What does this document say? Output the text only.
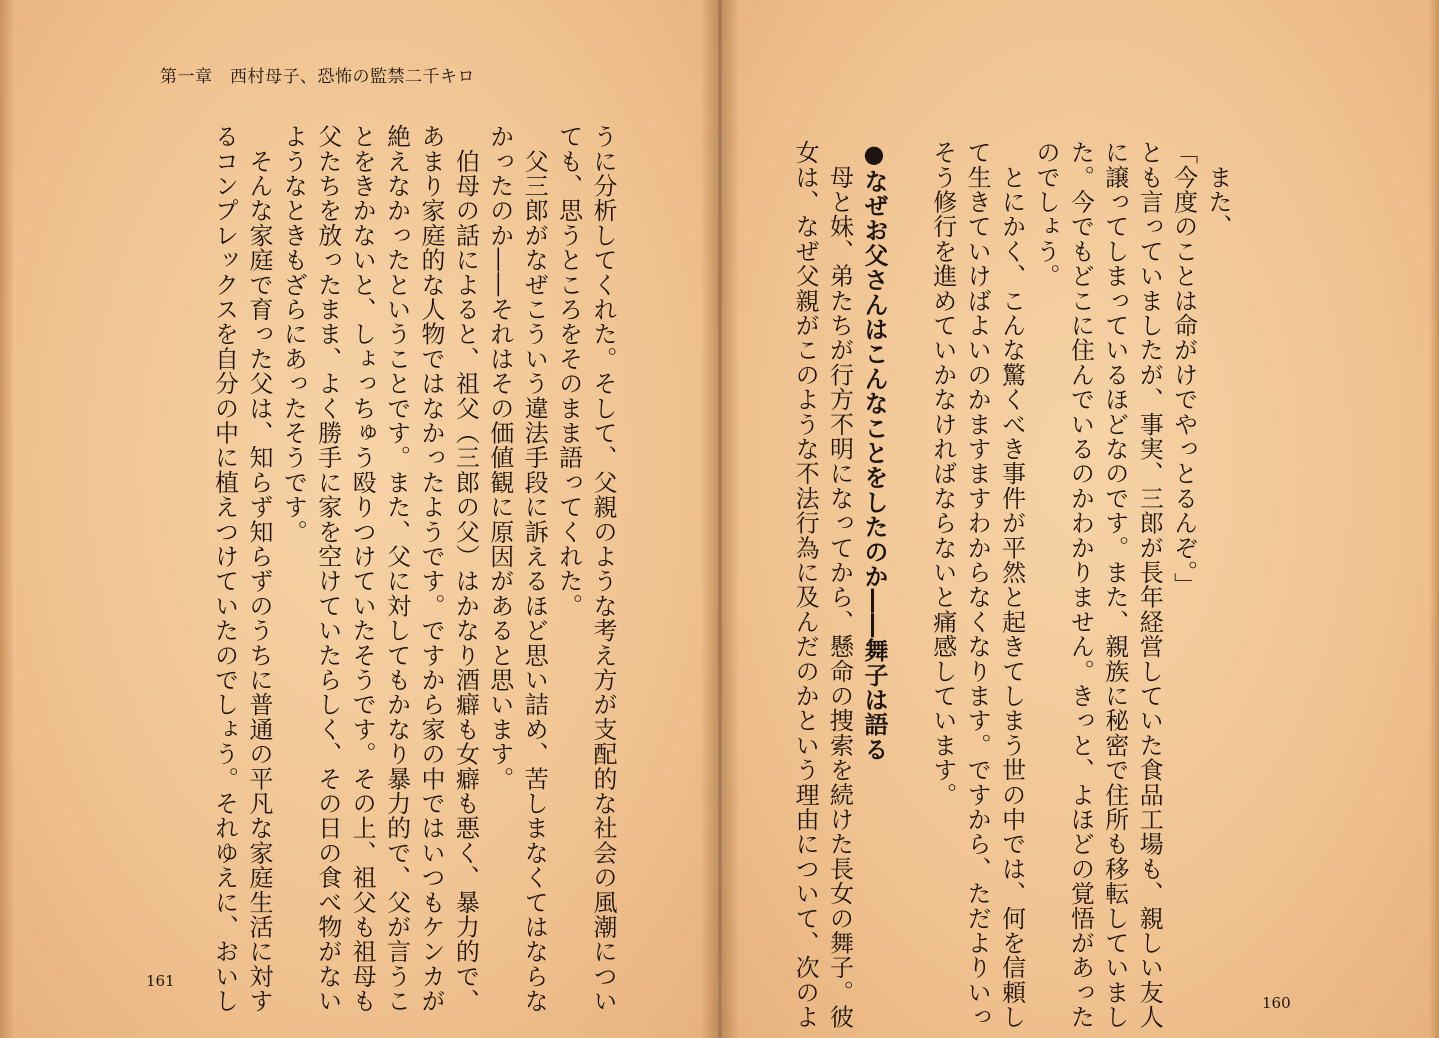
第一章　西村母子、恐怖の監禁二千キロ

うに分析してくれた。そして、父親のような考え方が支配的な社会の風潮につい

ても、思うところをそのまま語ってくれた。

　父三郎がなぜこういう違法手段に訴えるほど思い詰め、苦しまなくてはならな

かったのか――それはその価値観に原因があると思います。

　伯母の話によると、祖父（三郎の父）はかなり酒癖も女癖も悪く、暴力的で、

あまり家庭的な人物ではなかったようです。ですから家の中ではいつもケンカが

絶えなかったということです。また、父に対してもかなり暴力的で、父が言うこ

とをきかないと、しょっちゅう殴りつけていたそうです。その上、祖父も祖母も

父たちを放ったまま、よく勝手に家を空けていたらしく、その日の食べ物がない

ようなときもざらにあったそうです。

　そんな家庭で育った父は、知らず知らずのうちに普通の平凡な家庭生活に対す

るコンプレックスを自分の中に植えつけていたのでしょう。それゆえに、おいし	　また、

「今度のことは命がけでやっとるんぞ。」

とも言っていましたが、事実、三郎が長年経営していた食品工場も、親しい友人

に譲ってしまっているほどなのです。また、親族に秘密で住所も移転していまし

た。今でもどこに住んでいるのかわかりません。きっと、よほどの覚悟があった

のでしょう。

　とにかく、こんな驚くべき事件が平然と起きてしまう世の中では、何を信頼し

て生きていけばよいのかますますわからなくなります。ですから、ただよりいっ

そう修行を進めていかなければならないと痛感しています。

●なぜお父さんはこんなことをしたのか――舞子は語る

　母と妹、弟たちが行方不明になってから、懸命の捜索を続けた長女の舞子。彼

女は、なぜ父親がこのような不法行為に及んだのかという理由について、次のよ

161
160
